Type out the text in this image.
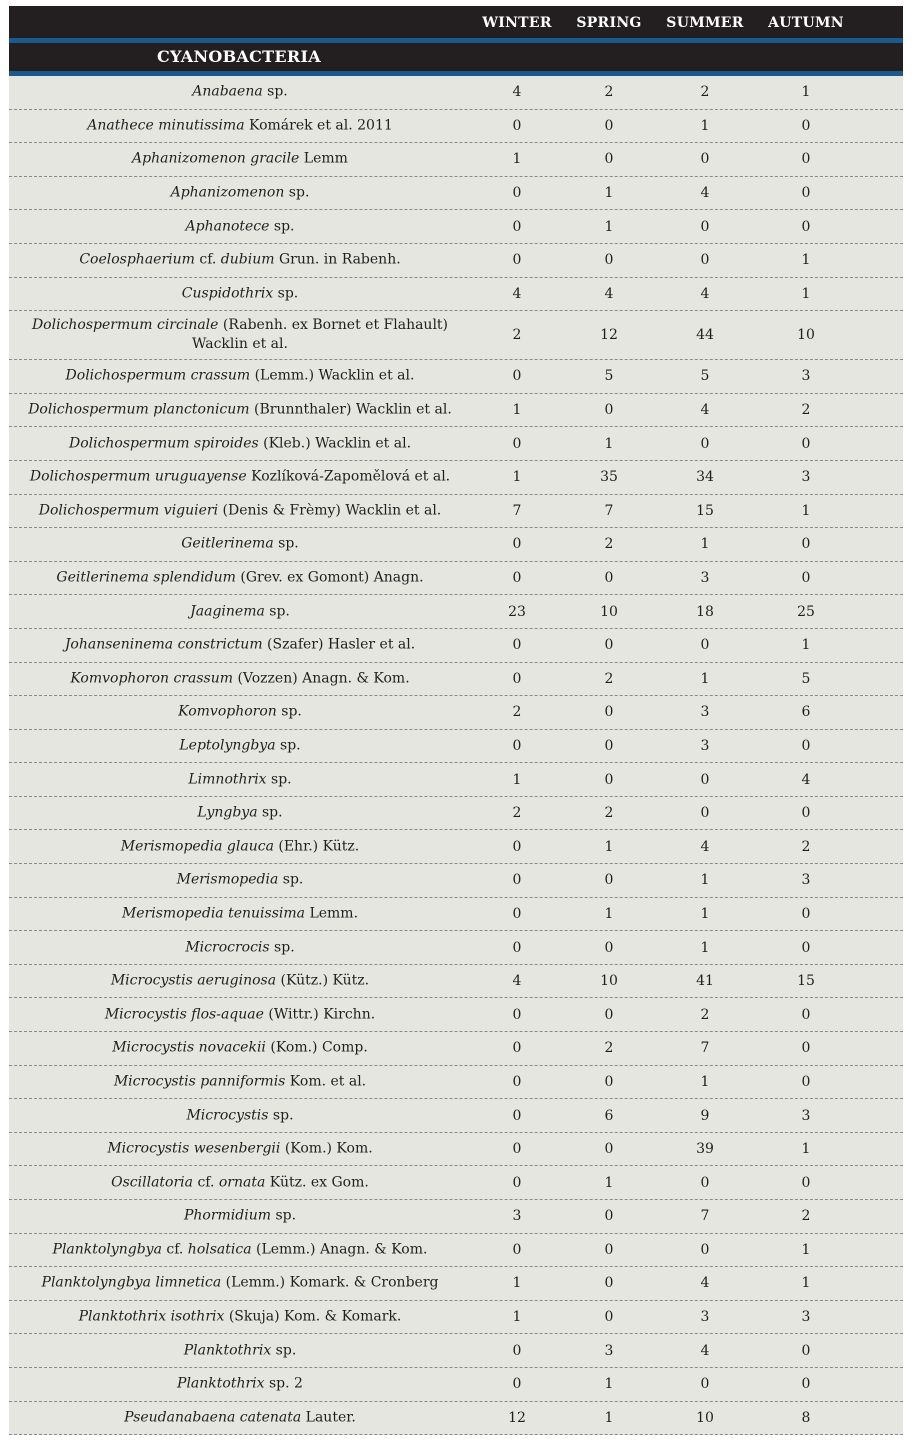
WINTER	SPRING	SUMMER	AUTUMN
CYANOBACTERIA
Anabaena sp.	4	2	2	1
Anathece minutissima Komárek et al. 2011	0	0	1	0
Aphanizomenon gracile Lemm	1	0	0	0
Aphanizomenon sp.	0	1	4	0
Aphanotece sp.	0	1	0	0
Coelosphaerium cf. dubium Grun. in Rabenh.	0	0	0	1
Cuspidothrix sp.	4	4	4	1
Dolichospermum circinale (Rabenh. ex Bornet et Flahault)
Wacklin et al.
2	12	44	10
Dolichospermum crassum (Lemm.) Wacklin et al.	0	5	5	3
Dolichospermum planctonicum (Brunnthaler) Wacklin et al.	1	0	4	2
Dolichospermum spiroides (Kleb.) Wacklin et al.	0	1	0	0
Dolichospermum uruguayense Kozlíková-Zapomělová et al.	1	35	34	3
Dolichospermum viguieri (Denis & Frèmy) Wacklin et al.	7	7	15	1
Geitlerinema sp.	0	2	1	0
Geitlerinema splendidum (Grev. ex Gomont) Anagn.	0	0	3	0
Jaaginema sp.	23	10	18	25
Johanseninema constrictum (Szafer) Hasler et al.	0	0	0	1
Komvophoron crassum (Vozzen) Anagn. & Kom.	0	2	1	5
Komvophoron sp.	2	0	3	6
Leptolyngbya sp.	0	0	3	0
Limnothrix sp.	1	0	0	4
Lyngbya sp.	2	2	0	0
Merismopedia glauca (Ehr.) Kütz.	0	1	4	2
Merismopedia sp.	0	0	1	3
Merismopedia tenuissima Lemm.	0	1	1	0
Microcrocis sp.	0	0	1	0
Microcystis aeruginosa (Kütz.) Kütz.	4	10	41	15
Microcystis flos-aquae (Wittr.) Kirchn.	0	0	2	0
Microcystis novacekii (Kom.) Comp.	0	2	7	0
Microcystis panniformis Kom. et al.	0	0	1	0
Microcystis sp.	0	6	9	3
Microcystis wesenbergii (Kom.) Kom.	0	0	39	1
Oscillatoria cf. ornata Kütz. ex Gom.	0	1	0	0
Phormidium sp.	3	0	7	2
Planktolyngbya cf. holsatica (Lemm.) Anagn. & Kom.	0	0	0	1
Planktolyngbya limnetica (Lemm.) Komark. & Cronberg	1	0	4	1
Planktothrix isothrix (Skuja) Kom. & Komark.	1	0	3	3
Planktothrix sp.	0	3	4	0
Planktothrix sp. 2	0	1	0	0
Pseudanabaena catenata Lauter.	12	1	10	8
